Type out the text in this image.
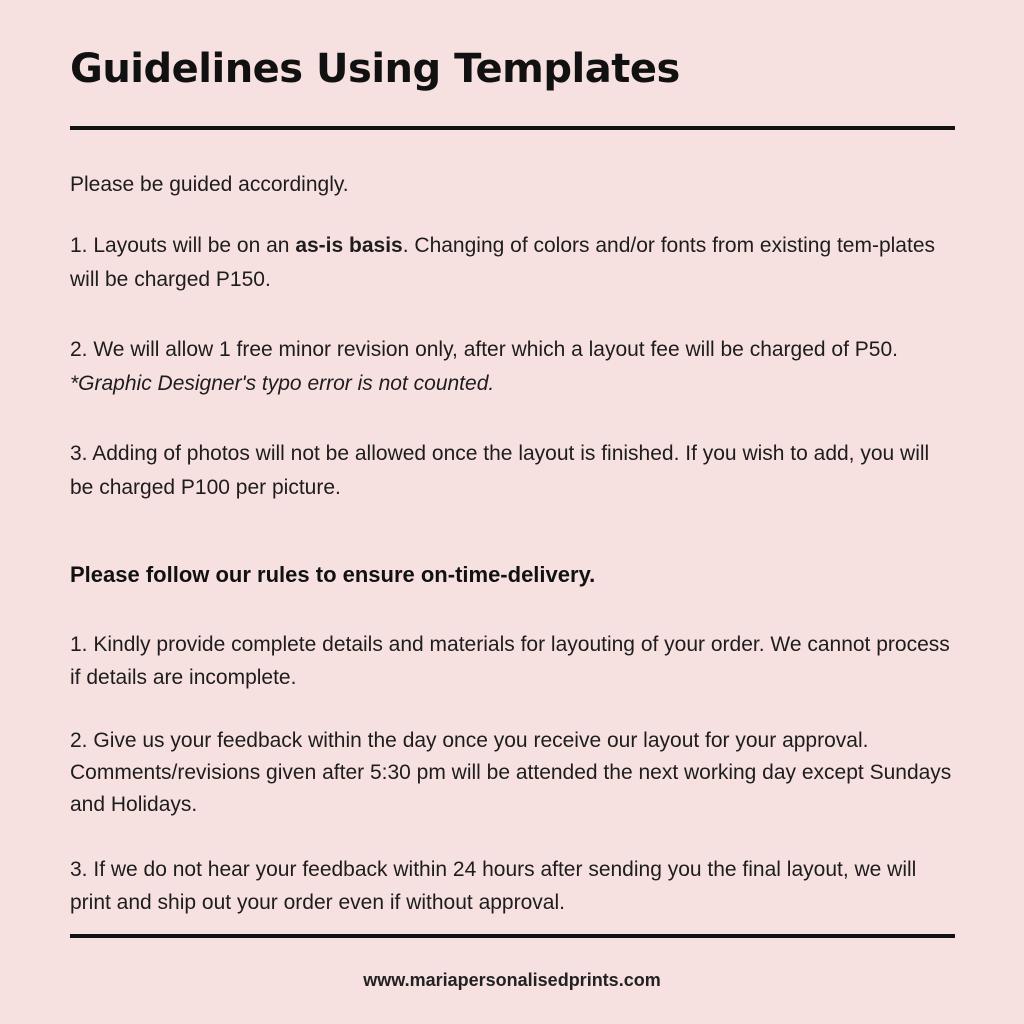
Guidelines Using Templates

Please be guided accordingly.

1. Layouts will be on an as-is basis. Changing of colors and/or fonts from existing tem-plates will be charged P150.

2. We will allow 1 free minor revision only, after which a layout fee will be charged of P50. *Graphic Designer's typo error is not counted.

3. Adding of photos will not be allowed once the layout is finished. If you wish to add, you will be charged P100 per picture.

Please follow our rules to ensure on-time-delivery.

1. Kindly provide complete details and materials for layouting of your order. We cannot process if details are incomplete.

2. Give us your feedback within the day once you receive our layout for your approval. Comments/revisions given after 5:30 pm will be attended the next working day except Sundays and Holidays.

3. If we do not hear your feedback within 24 hours after sending you the final layout, we will print and ship out your order even if without approval.

www.mariapersonalisedprints.com
